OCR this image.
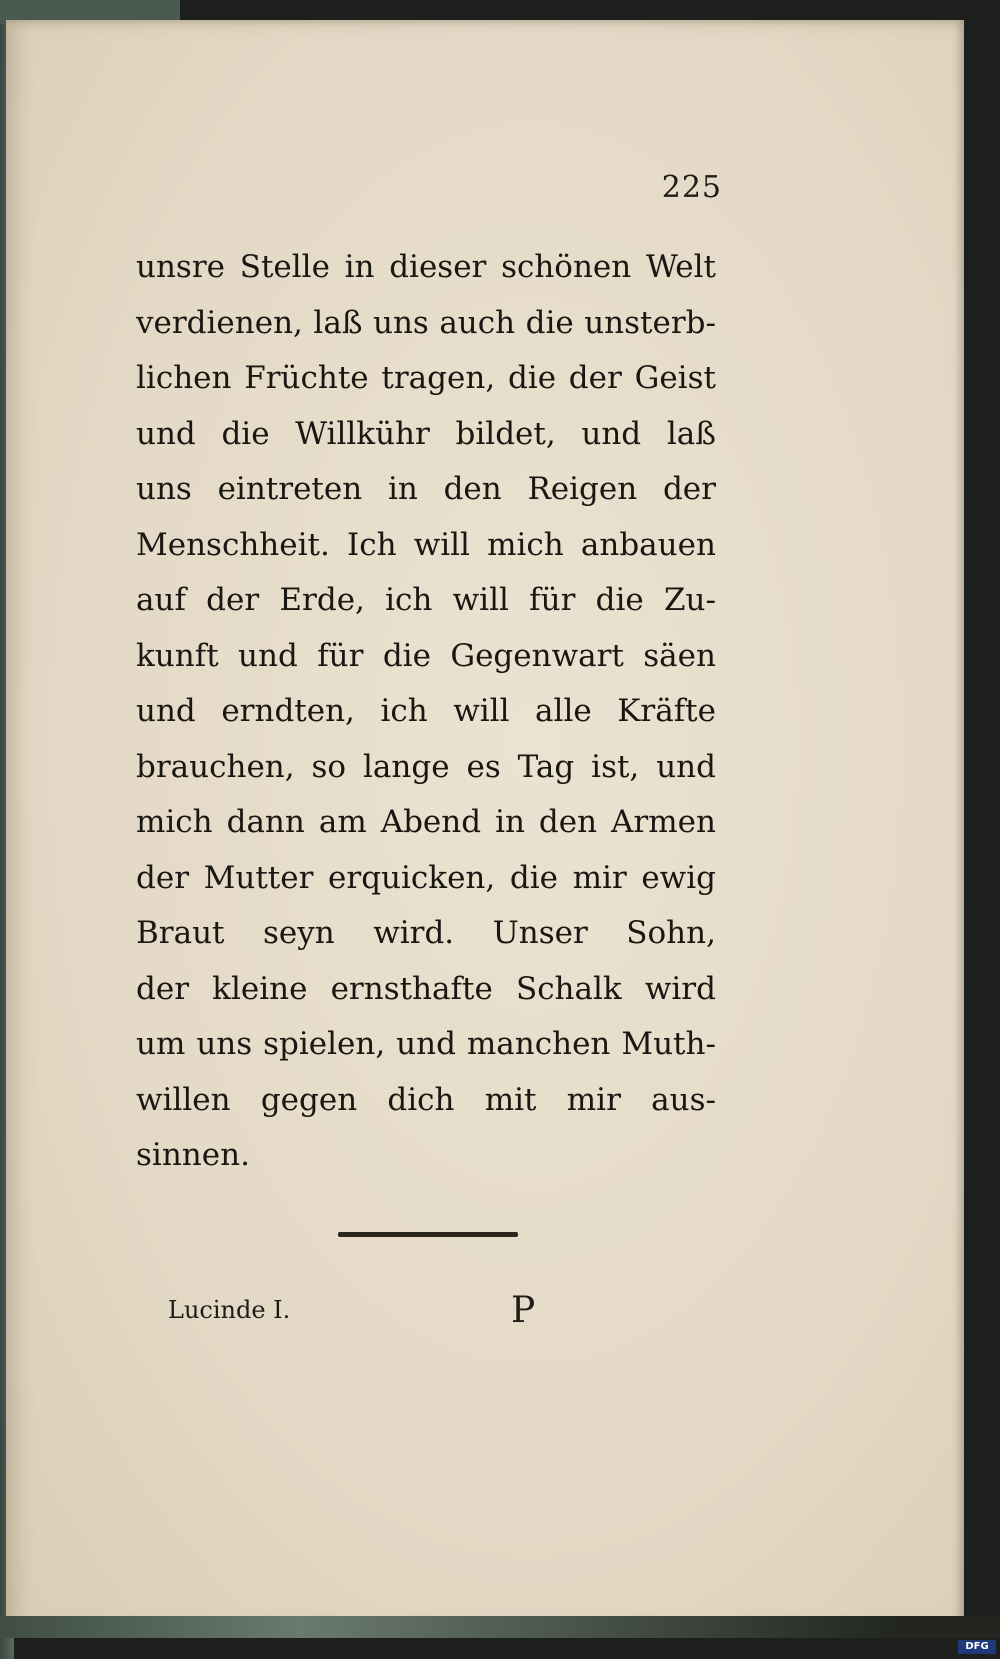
225
unsre Stelle in dieser schönen Welt
verdienen, laß uns auch die unsterb-
lichen Früchte tragen, die der Geist
und die Willkühr bildet, und laß
uns eintreten in den Reigen der
Menschheit. Ich will mich anbauen
auf der Erde, ich will für die Zu-
kunft und für die Gegenwart säen
und erndten, ich will alle Kräfte
brauchen, so lange es Tag ist, und
mich dann am Abend in den Armen
der Mutter erquicken, die mir ewig
Braut seyn wird. Unser Sohn,
der kleine ernsthafte Schalk wird
um uns spielen, und manchen Muth-
willen gegen dich mit mir aus-
sinnen.
Lucinde I.	P
Digitalisierung gefördert durch die Deutsche Forschungsgemeinschaft -	DFG
